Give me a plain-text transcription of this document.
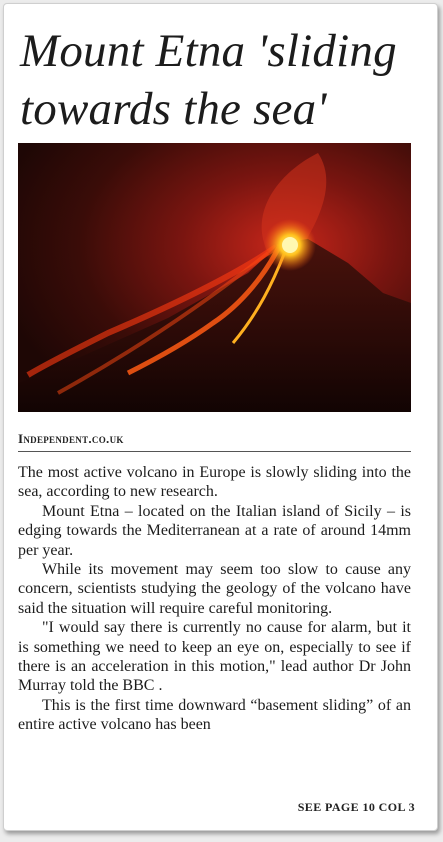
Mount Etna 'sliding towards the sea'
Independent.co.uk

The most active volcano in Europe is slowly sliding into the sea, according to new research.

Mount Etna – located on the Italian island of Sicily – is edging towards the Mediterranean at a rate of around 14mm per year.

While its movement may seem too slow to cause any concern, scientists studying the geology of the volcano have said the situation will require careful monitoring.

"I would say there is currently no cause for alarm, but it is something we need to keep an eye on, especially to see if there is an acceleration in this motion," lead author Dr John Murray told the BBC .

This is the first time downward “basement sliding” of an entire active volcano has been

SEE PAGE 10 COL 3
